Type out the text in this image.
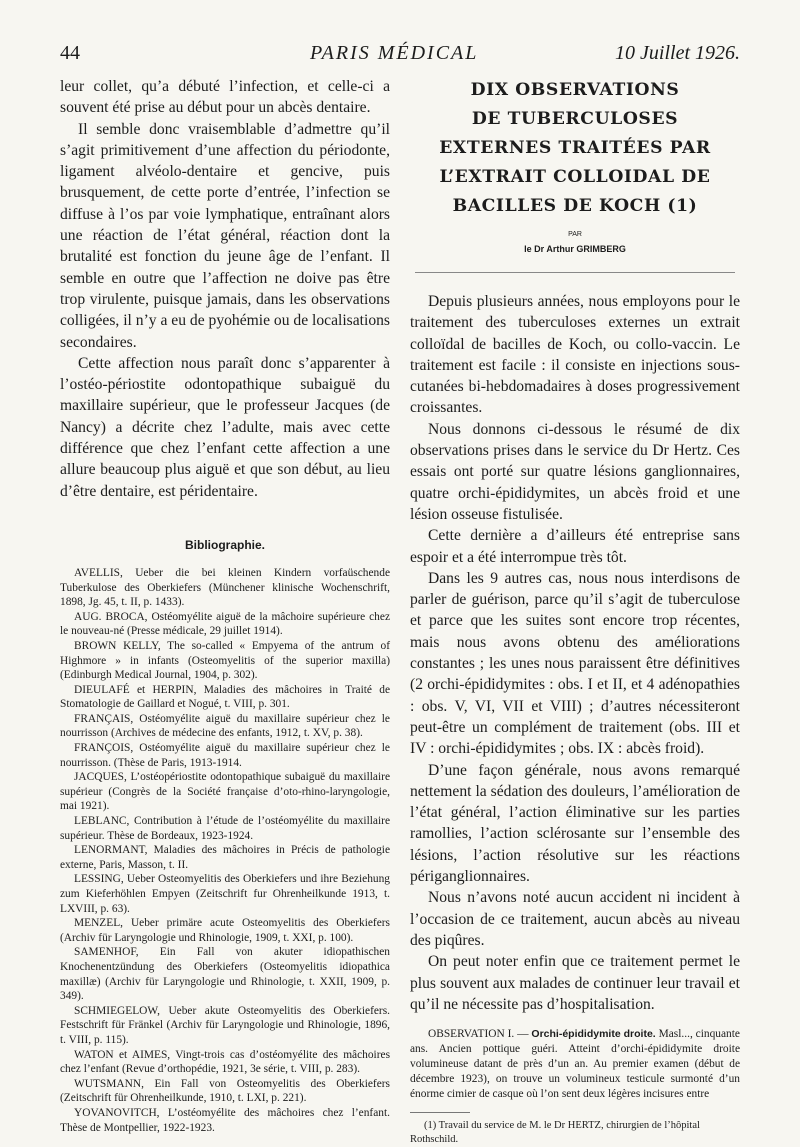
44	PARIS MÉDICAL	10 Juillet 1926.

leur collet, qu’a débuté l’infection, et celle-ci a souvent été prise au début pour un abcès dentaire.

Il semble donc vraisemblable d’admettre qu’il s’agit primitivement d’une affection du périodonte, ligament alvéolo-dentaire et gencive, puis brusquement, de cette porte d’entrée, l’infection se diffuse à l’os par voie lymphatique, entraînant alors une réaction de l’état général, réaction dont la brutalité est fonction du jeune âge de l’enfant. Il semble en outre que l’affection ne doive pas être trop virulente, puisque jamais, dans les observations colligées, il n’y a eu de pyohémie ou de localisations secondaires.

Cette affection nous paraît donc s’apparenter à l’ostéo-périostite odontopathique subaiguë du maxillaire supérieur, que le professeur Jacques (de Nancy) a décrite chez l’adulte, mais avec cette différence que chez l’enfant cette affection a une allure beaucoup plus aiguë et que son début, au lieu d’être dentaire, est péridentaire.

Bibliographie.

AVELLIS, Ueber die bei kleinen Kindern vorfaüschende Tuberkulose des Oberkiefers (Münchener klinische Wochenschrift, 1898, Jg. 45, t. II, p. 1433).

AUG. BROCA, Ostéomyélite aiguë de la mâchoire supérieure chez le nouveau-né (Presse médicale, 29 juillet 1914).

BROWN KELLY, The so-called « Empyema of the antrum of Highmore » in infants (Osteomyelitis of the superior maxilla) (Edinburgh Medical Journal, 1904, p. 302).

DIEULAFÉ et HERPIN, Maladies des mâchoires in Traité de Stomatologie de Gaillard et Nogué, t. VIII, p. 301.

FRANÇAIS, Ostéomyélite aiguë du maxillaire supérieur chez le nourrisson (Archives de médecine des enfants, 1912, t. XV, p. 38).

FRANÇOIS, Ostéomyélite aiguë du maxillaire supérieur chez le nourrisson. (Thèse de Paris, 1913-1914.

JACQUES, L’ostéopériostite odontopathique subaiguë du maxillaire supérieur (Congrès de la Société française d’oto-rhino-laryngologie, mai 1921).

LEBLANC, Contribution à l’étude de l’ostéomyélite du maxillaire supérieur. Thèse de Bordeaux, 1923-1924.

LENORMANT, Maladies des mâchoires in Précis de pathologie externe, Paris, Masson, t. II.

LESSING, Ueber Osteomyelitis des Oberkiefers und ihre Beziehung zum Kieferhöhlen Empyen (Zeitschrift fur Ohrenheilkunde 1913, t. LXVIII, p. 63).

MENZEL, Ueber primäre acute Osteomyelitis des Oberkiefers (Archiv für Laryngologie und Rhinologie, 1909, t. XXI, p. 100).

SAMENHOF, Ein Fall von akuter idiopathischen Knochenentzündung des Oberkiefers (Osteomyelitis idiopathica maxillæ) (Archiv für Laryngologie und Rhinologie, t. XXII, 1909, p. 349).

SCHMIEGELOW, Ueber akute Osteomyelitis des Oberkiefers. Festschrift für Fränkel (Archiv für Laryngologie und Rhinologie, 1896, t. VIII, p. 115).

WATON et AIMES, Vingt-trois cas d’ostéomyélite des mâchoires chez l’enfant (Revue d’orthopédie, 1921, 3e série, t. VIII, p. 283).

WUTSMANN, Ein Fall von Osteomyelitis des Oberkiefers (Zeitschrift für Ohrenheilkunde, 1910, t. LXI, p. 221).

YOVANOVITCH, L’ostéomyélite des mâchoires chez l’enfant. Thèse de Montpellier, 1922-1923.

DIX OBSERVATIONS
DE TUBERCULOSES
EXTERNES TRAITÉES PAR
L’EXTRAIT COLLOIDAL DE
BACILLES DE KOCH (1)
PAR
le Dr Arthur GRIMBERG

Depuis plusieurs années, nous employons pour le traitement des tuberculoses externes un extrait colloïdal de bacilles de Koch, ou collo-vaccin. Le traitement est facile : il consiste en injections sous-cutanées bi-hebdomadaires à doses progressivement croissantes.

Nous donnons ci-dessous le résumé de dix observations prises dans le service du Dr Hertz. Ces essais ont porté sur quatre lésions ganglionnaires, quatre orchi-épididymites, un abcès froid et une lésion osseuse fistulisée.

Cette dernière a d’ailleurs été entreprise sans espoir et a été interrompue très tôt.

Dans les 9 autres cas, nous nous interdisons de parler de guérison, parce qu’il s’agit de tuberculose et parce que les suites sont encore trop récentes, mais nous avons obtenu des améliorations constantes ; les unes nous paraissent être définitives (2 orchi-épididymites : obs. I et II, et 4 adénopathies : obs. V, VI, VII et VIII) ; d’autres nécessiteront peut-être un complément de traitement (obs. III et IV : orchi-épididymites ; obs. IX : abcès froid).

D’une façon générale, nous avons remarqué nettement la sédation des douleurs, l’amélioration de l’état général, l’action éliminative sur les parties ramollies, l’action sclérosante sur l’ensemble des lésions, l’action résolutive sur les réactions périganglionnaires.

Nous n’avons noté aucun accident ni incident à l’occasion de ce traitement, aucun abcès au niveau des piqûres.

On peut noter enfin que ce traitement permet le plus souvent aux malades de continuer leur travail et qu’il ne nécessite pas d’hospitalisation.

OBSERVATION I. — Orchi-épididymite droite. Masl..., cinquante ans. Ancien pottique guéri. Atteint d’orchi-épididymite droite volumineuse datant de près d’un an. Au premier examen (début de décembre 1923), on trouve un volumineux testicule surmonté d’un énorme cimier de casque où l’on sent deux légères incisures entre

(1) Travail du service de M. le Dr HERTZ, chirurgien de l’hôpital Rothschild.
